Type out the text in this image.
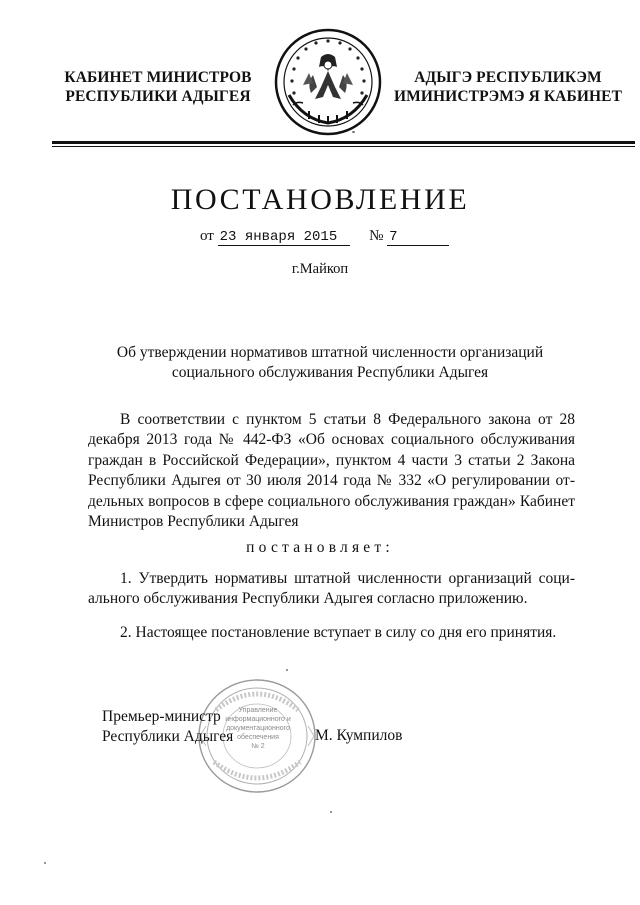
КАБИНЕТ МИНИСТРОВ
РЕСПУБЛИКИ АДЫГЕЯ
АДЫГЭ РЕСПУБЛИКЭМ
ИМИНИСТРЭМЭ Я КАБИНЕТ
ПОСТАНОВЛЕНИЕ
от 23 января 2015 № 7
г.Майкоп
Об утверждении нормативов штатной численности организаций
социального обслуживания Республики Адыгея
В соответствии с пунктом 5 статьи 8 Федерального закона от 28 декабря 2013 года № 442-ФЗ «Об основах социального обслуживания граждан в Российской Федерации», пунктом 4 части 3 статьи 2 Закона Республики Адыгея от 30 июля 2014 года № 332 «О регулировании от-дельных вопросов в сфере социального обслуживания граждан» Кабинет Министров Республики Адыгея
постановляет:
1. Утвердить нормативы штатной численности организаций соци-ального обслуживания Республики Адыгея согласно приложению.
2. Настоящее постановление вступает в силу со дня его принятия.
Управление
информационного и
документационного
обеспечения
№ 2
Премьер-министр
Республики Адыгея	М. Кумпилов
